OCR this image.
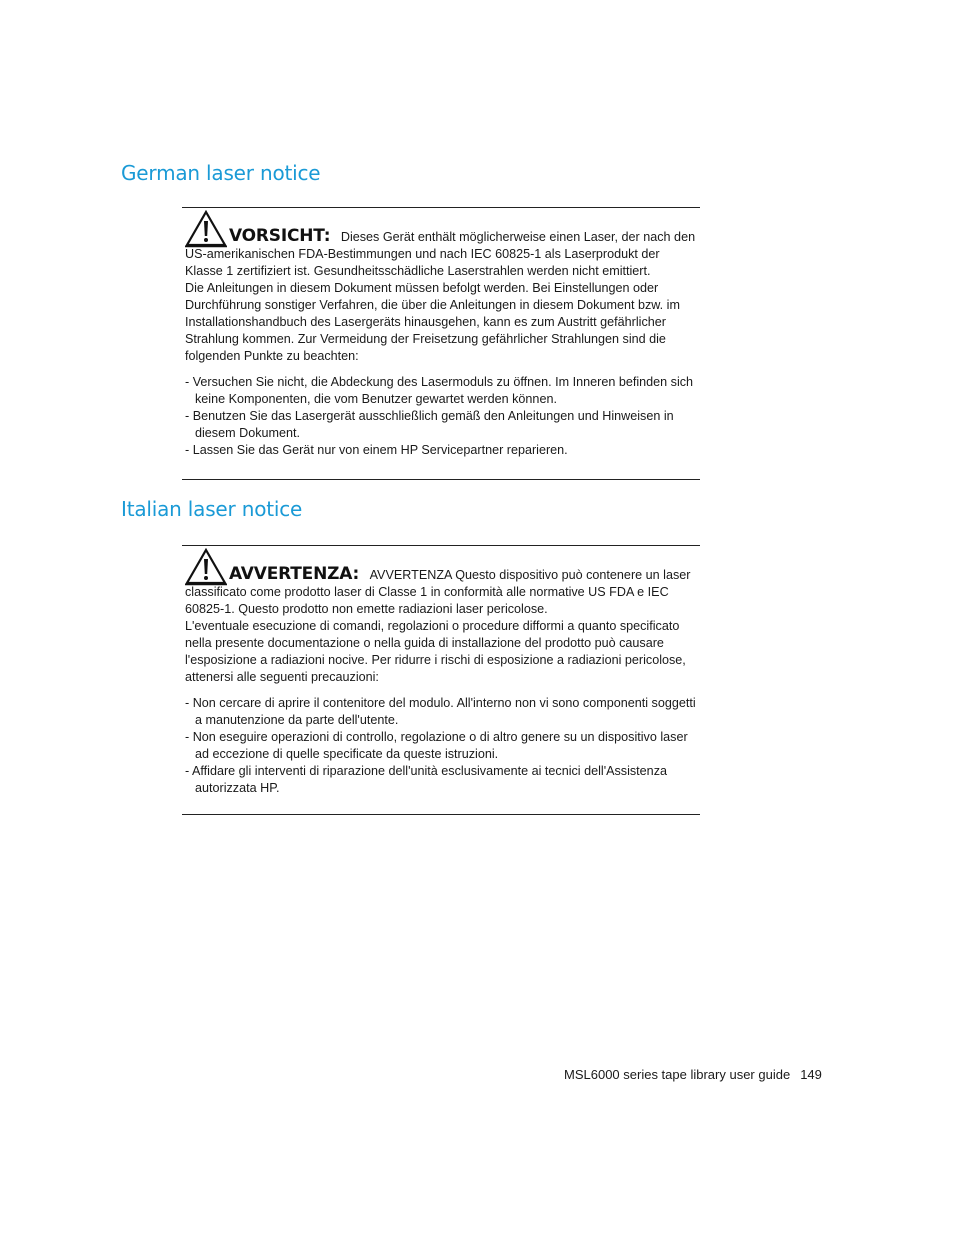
German laser notice

VORSICHT: Dieses Gerät enthält möglicherweise einen Laser, der nach den US-amerikanischen FDA-Bestimmungen und nach IEC 60825-1 als Laserprodukt der Klasse 1 zertifiziert ist. Gesundheitsschädliche Laserstrahlen werden nicht emittiert.

Die Anleitungen in diesem Dokument müssen befolgt werden. Bei Einstellungen oder Durchführung sonstiger Verfahren, die über die Anleitungen in diesem Dokument bzw. im Installationshandbuch des Lasergeräts hinausgehen, kann es zum Austritt gefährlicher Strahlung kommen. Zur Vermeidung der Freisetzung gefährlicher Strahlungen sind die folgenden Punkte zu beachten:

- Versuchen Sie nicht, die Abdeckung des Lasermoduls zu öffnen. Im Inneren befinden sich keine Komponenten, die vom Benutzer gewartet werden können.
- Benutzen Sie das Lasergerät ausschließlich gemäß den Anleitungen und Hinweisen in diesem Dokument.
- Lassen Sie das Gerät nur von einem HP Servicepartner reparieren.
Italian laser notice

AVVERTENZA: AVVERTENZA Questo dispositivo può contenere un laser classificato come prodotto laser di Classe 1 in conformità alle normative US FDA e IEC 60825-1. Questo prodotto non emette radiazioni laser pericolose.

L'eventuale esecuzione di comandi, regolazioni o procedure difformi a quanto specificato nella presente documentazione o nella guida di installazione del prodotto può causare l'esposizione a radiazioni nocive. Per ridurre i rischi di esposizione a radiazioni pericolose, attenersi alle seguenti precauzioni:

- Non cercare di aprire il contenitore del modulo. All'interno non vi sono componenti soggetti a manutenzione da parte dell'utente.
- Non eseguire operazioni di controllo, regolazione o di altro genere su un dispositivo laser ad eccezione di quelle specificate da queste istruzioni.
- Affidare gli interventi di riparazione dell'unità esclusivamente ai tecnici dell'Assistenza autorizzata HP.
MSL6000 series tape library user guide 149
